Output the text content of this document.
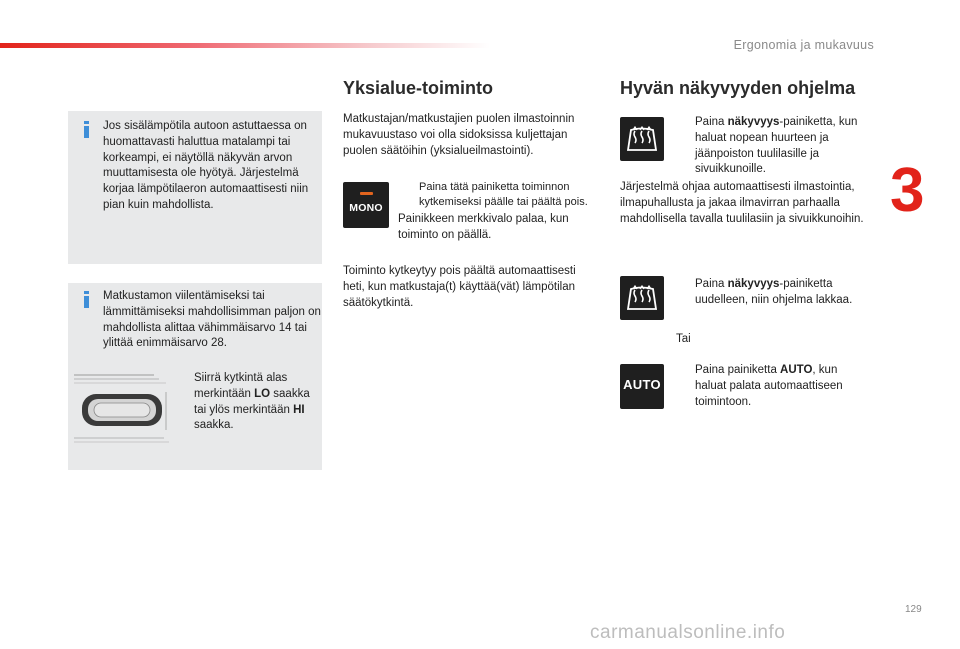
Ergonomia ja mukavuus
3
Jos sisälämpötila autoon astuttaessa on huomattavasti haluttua matalampi tai korkeampi, ei näytöllä näkyvän arvon muuttamisesta ole hyötyä. Järjestelmä korjaa lämpötilaeron automaattisesti niin pian kuin mahdollista.
Matkustamon viilentämiseksi tai lämmittämiseksi mahdollisimman paljon on mahdollista alittaa vähimmäisarvo 14 tai ylittää enimmäisarvo 28.
Siirrä kytkintä alas merkintään LO saakka tai ylös merkintään HI saakka.
Yksialue-toiminto
Matkustajan/matkustajien puolen ilmastoinnin mukavuustaso voi olla sidoksissa kuljettajan puolen säätöihin (yksialueilmastointi).
MONO
Paina tätä painiketta toiminnon kytkemiseksi päälle tai päältä pois.
Painikkeen merkkivalo palaa, kun toiminto on päällä.
Toiminto kytkeytyy pois päältä automaattisesti heti, kun matkustaja(t) käyttää(vät) lämpötilan säätökytkintä.
Hyvän näkyvyyden ohjelma
Paina näkyvyys-painiketta, kun haluat nopean huurteen ja jäänpoiston tuulilasille ja sivuikkunoille.
Järjestelmä ohjaa automaattisesti ilmastointia, ilmapuhallusta ja jakaa ilmavirran parhaalla mahdollisella tavalla tuulilasiin ja sivuikkunoihin.
Paina näkyvyys-painiketta uudelleen, niin ohjelma lakkaa.
Tai
AUTO
Paina painiketta AUTO, kun haluat palata automaattiseen toimintoon.
129
carmanualsonline.info
